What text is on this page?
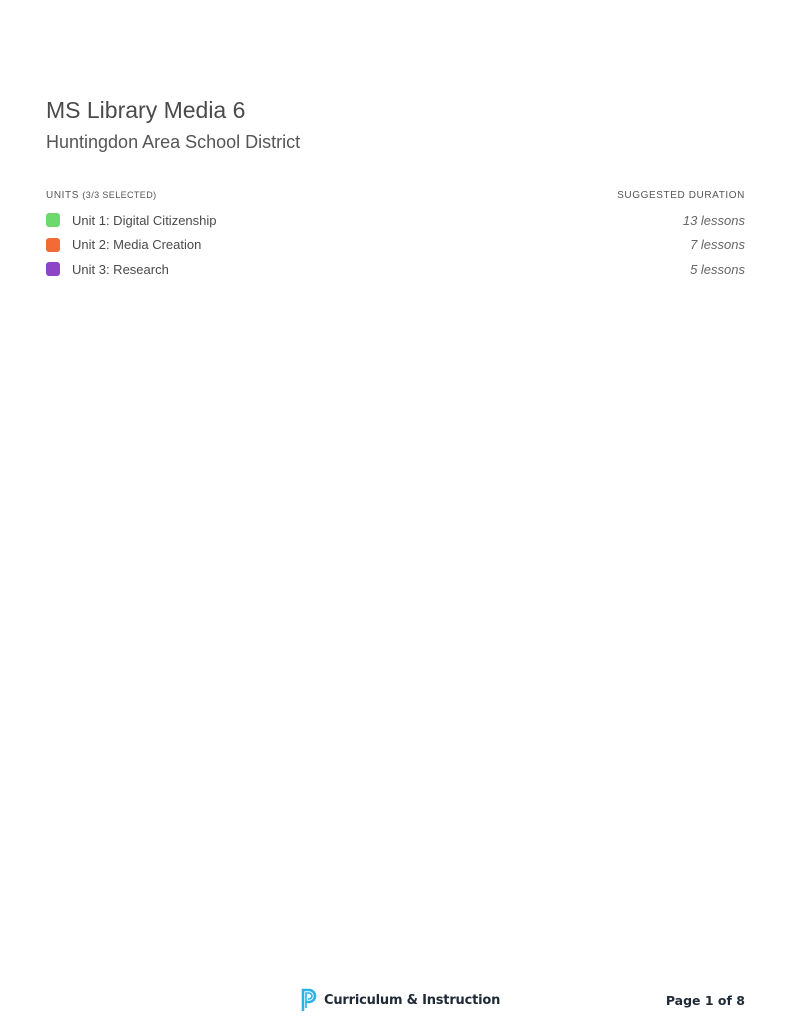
MS Library Media 6
Huntingdon Area School District
UNITS (3/3 SELECTED)	SUGGESTED DURATION
Unit 1: Digital Citizenship	13 lessons
Unit 2: Media Creation	7 lessons
Unit 3: Research	5 lessons
Curriculum & Instruction	Page 1 of 8
